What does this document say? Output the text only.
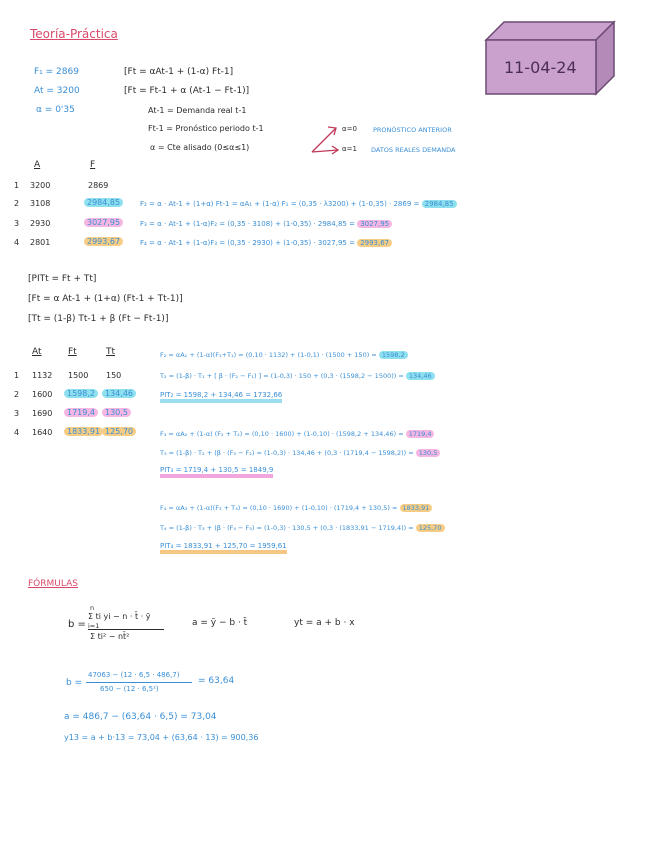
Teoría-Práctica
11-04-24
F₁ = 2869
At = 3200
α = 0'35
[Ft = αAt-1 + (1-α) Ft-1]
[Ft = Ft-1 + α (At-1 − Ft-1)]
At-1 = Demanda real t-1
Ft-1 = Pronóstico periodo t-1
α = Cte alisado (0≤α≤1)
α=0 PRONÓSTICO ANTERIOR
α=1 DATOS REALES DEMANDA
A	F
1 3200	2869
2 3108	2984,85
3 2930	3027,95
4 2801	2993,67
F₂ = α · At-1 + (1+α) Ft-1 = αA₁ + (1-α) F₁ = (0,35 · λ3200) + (1-0,35) · 2869 = 2984,85
F₃ = α · At-1 + (1-α)F₂ = (0,35 · 3108) + (1-0,35) · 2984,85 = 3027,95
F₄ = α · At-1 + (1-α)F₃ = (0,35 · 2930) + (1-0,35) · 3027,95 = 2993,67
[PITt = Ft + Tt]
[Ft = α At-1 + (1+α) (Ft-1 + Tt-1)]
[Tt = (1-β) Tt-1 + β (Ft − Ft-1)]
At	Ft	Tt
1 1132 1500 150
2 1600	1598,2	134,46
3 1690	1719,4	130,5
4 1640	1833,91 125,70
F₂ = αA₁ + (1-α)(F₁+T₁) = (0,10 · 1132) + (1-0,1) · (1500 + 150) = 1598,2
T₂ = (1-β) · T₁ + [ β · (F₂ − F₁) ] = (1-0,3) · 150 + (0,3 · (1598,2 − 1500)) = 134,46
PIT₂ = 1598,2 + 134,46 = 1732,66
F₃ = αA₂ + (1-α) (F₂ + T₂) = (0,10 · 1600) + (1-0,10) · (1598,2 + 134,46) = 1719,4
T₃ = (1-β) · T₂ + (β · (F₃ − F₂) = (1-0,3) · 134,46 + (0,3 · (1719,4 − 1598,2)) = 130,5
PIT₃ = 1719,4 + 130,5 = 1849,9
F₄ = αA₃ + (1-α)(F₃ + T₃) = (0,10 · 1690) + (1-0,10) · (1719,4 + 130,5) = 1833,91
T₄ = (1-β) · T₃ + (β · (F₄ − F₃) = (1-0,3) · 130,5 + (0,3 · (1833,91 − 1719,4)) = 125,70
PIT₄ = 1833,91 + 125,70 = 1959,61
FÓRMULAS
b =
n
Σ ti yi − n · t̄ · ȳ
i=1
Σ ti² − nt̄²
a = ȳ − b · t̄	yt = a + b · x
b =
47063 − (12 · 6,5 · 486,7)
650 − (12 · 6,5²)
= 63,64
a = 486,7 − (63,64 · 6,5) = 73,04
y13 = a + b·13 = 73,04 + (63,64 · 13) = 900,36
